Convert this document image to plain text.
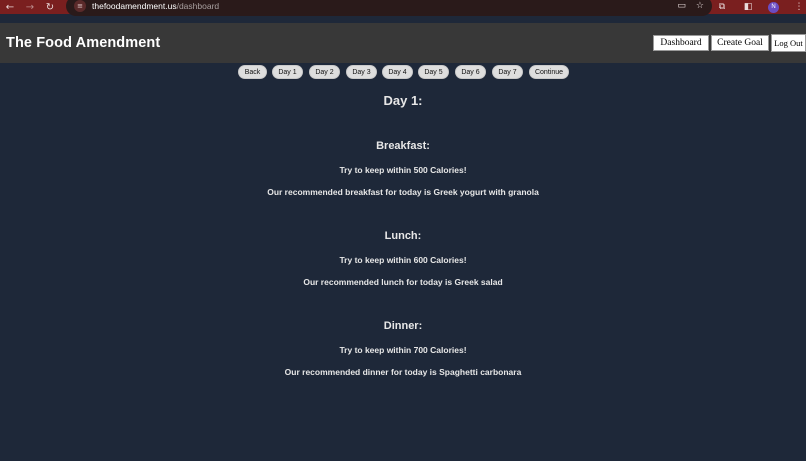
←	→	↻	≡	thefoodamendment.us/dashboard	▭ ☆	⧉	◧	N	⋮
The Food Amendment	Dashboard	Create Goal	Log Out
Back	Day 1	Day 2	Day 3	Day 4	Day 5	Day 6	Day 7	Continue
Day 1:
Breakfast:
Try to keep within 500 Calories!
Our recommended breakfast for today is Greek yogurt with granola
Lunch:
Try to keep within 600 Calories!
Our recommended lunch for today is Greek salad
Dinner:
Try to keep within 700 Calories!
Our recommended dinner for today is Spaghetti carbonara
